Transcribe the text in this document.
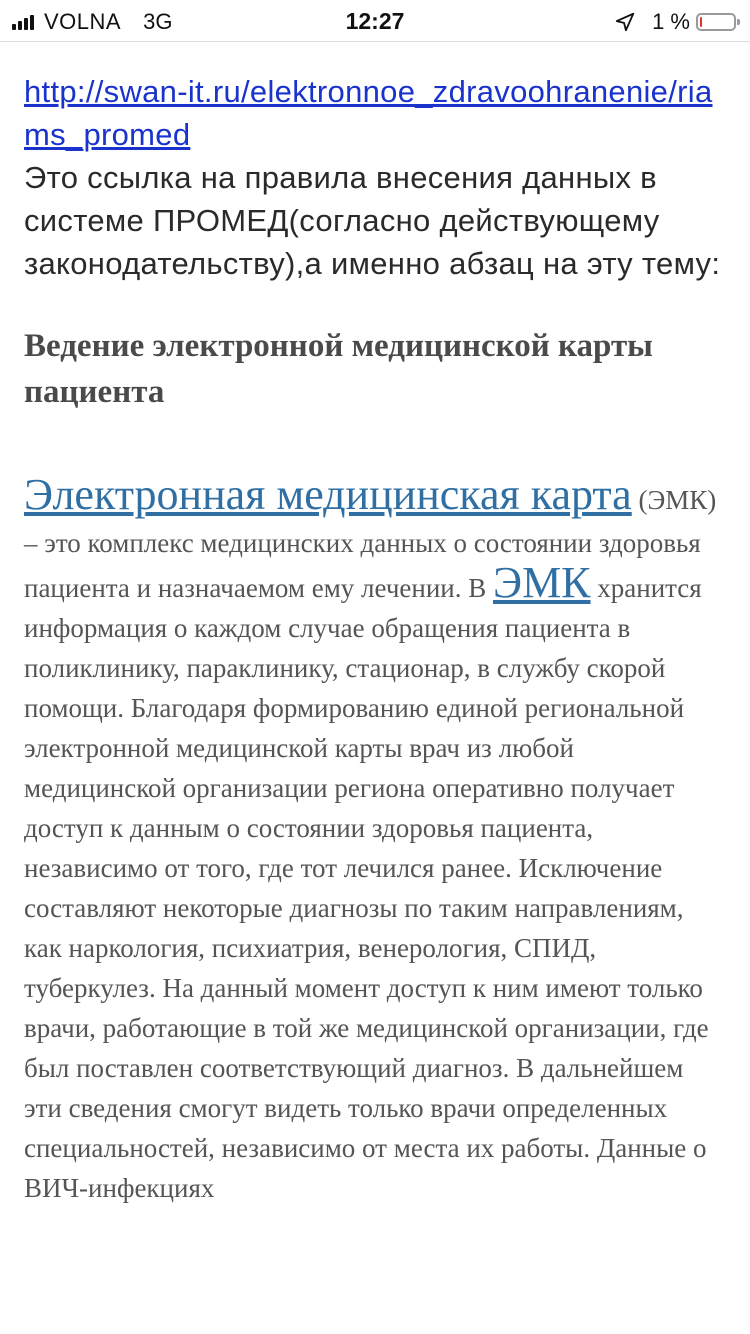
VOLNA 3G	12:27	1 %
http://swan-it.ru/elektronnoe_zdravoohranenie/riams_promed

Это ссылка на правила внесения данных в системе ПРОМЕД(согласно действующему законодательству),а именно абзац на эту тему:

Ведение электронной медицинской карты пациента
Электронная медицинская карта (ЭМК) – это комплекс медицинских данных о состоянии здоровья пациента и назначаемом ему лечении. В ЭМК хранится информация о каждом случае обращения пациента в поликлинику, параклинику, стационар, в службу скорой помощи. Благодаря формированию единой региональной электронной медицинской карты врач из любой медицинской организации региона оперативно получает доступ к данным о состоянии здоровья пациента, независимо от того, где тот лечился ранее. Исключение составляют некоторые диагнозы по таким направлениям, как наркология, психиатрия, венерология, СПИД, туберкулез. На данный момент доступ к ним имеют только врачи, работающие в той же медицинской организации, где был поставлен соответствующий диагноз. В дальнейшем эти сведения смогут видеть только врачи определенных специальностей, независимо от места их работы. Данные о ВИЧ-инфекциях
